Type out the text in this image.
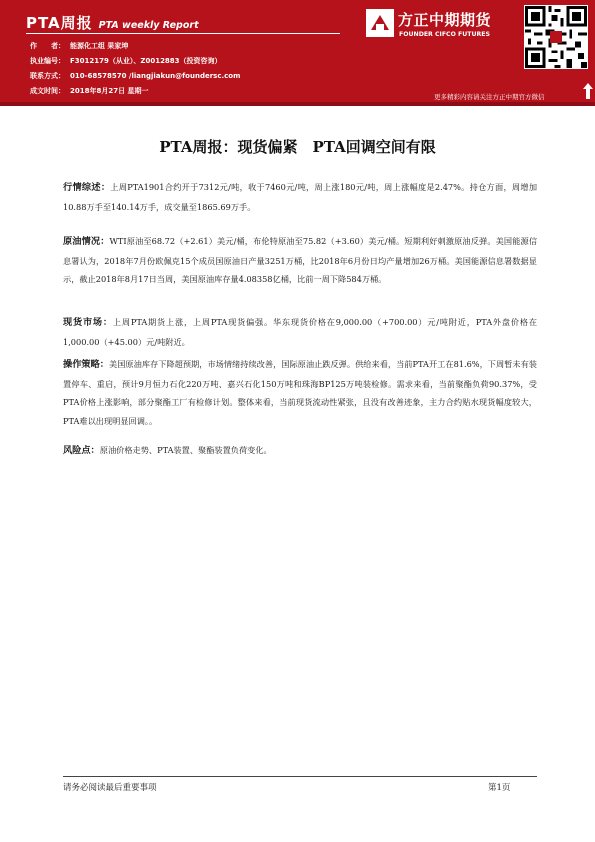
PTA周报 PTA weekly Report
作　　者： 能源化工组 果家坤
执业编号： F3012179（从业）、Z0012883（投资咨询）
联系方式： 010-68578570 /liangjiakun@foundersc.com
成文时间： 2018年8月27日 星期一
方正中期期货
FOUNDER CIFCO FUTURES
更多精彩内容请关注方正中期官方微信
PTA周报：现货偏紧　PTA回调空间有限
行情综述：上周PTA1901合约开于7312元/吨，收于7460元/吨，周上涨180元/吨，周上涨幅度是2.47%。持仓方面，周增加10.88万手至140.14万手，成交量至1865.69万手。
原油情况：WTI原油至68.72（+2.61）美元/桶，布伦特原油至75.82（+3.60）美元/桶。短期利好刺激原油反弹。美国能源信息署认为，2018年7月份欧佩克15个成员国原油日产量3251万桶，比2018年6月份日均产量增加26万桶。美国能源信息署数据显示，截止2018年8月17日当周，美国原油库存量4.08358亿桶，比前一周下降584万桶。
现货市场：上周PTA期货上涨，上周PTA现货偏强。华东现货价格在9,000.00（+700.00）元/吨附近，PTA外盘价格在1,000.00（+45.00）元/吨附近。
操作策略：美国原油库存下降超预期，市场情绪持续改善，国际原油止跌反弹。供给来看，当前PTA开工在81.6%，下周暂未有装置停车、重启，预计9月恒力石化220万吨、嘉兴石化150万吨和珠海BP125万吨装检修。需求来看，当前聚酯负荷90.37%，受PTA价格上涨影响，部分聚酯工厂有检修计划。整体来看，当前现货流动性紧张，且没有改善迹象，主力合约贴水现货幅度较大，PTA难以出现明显回调。。
风险点：原油价格走势、PTA装置、聚酯装置负荷变化。
请务必阅读最后重要事项	第1页
